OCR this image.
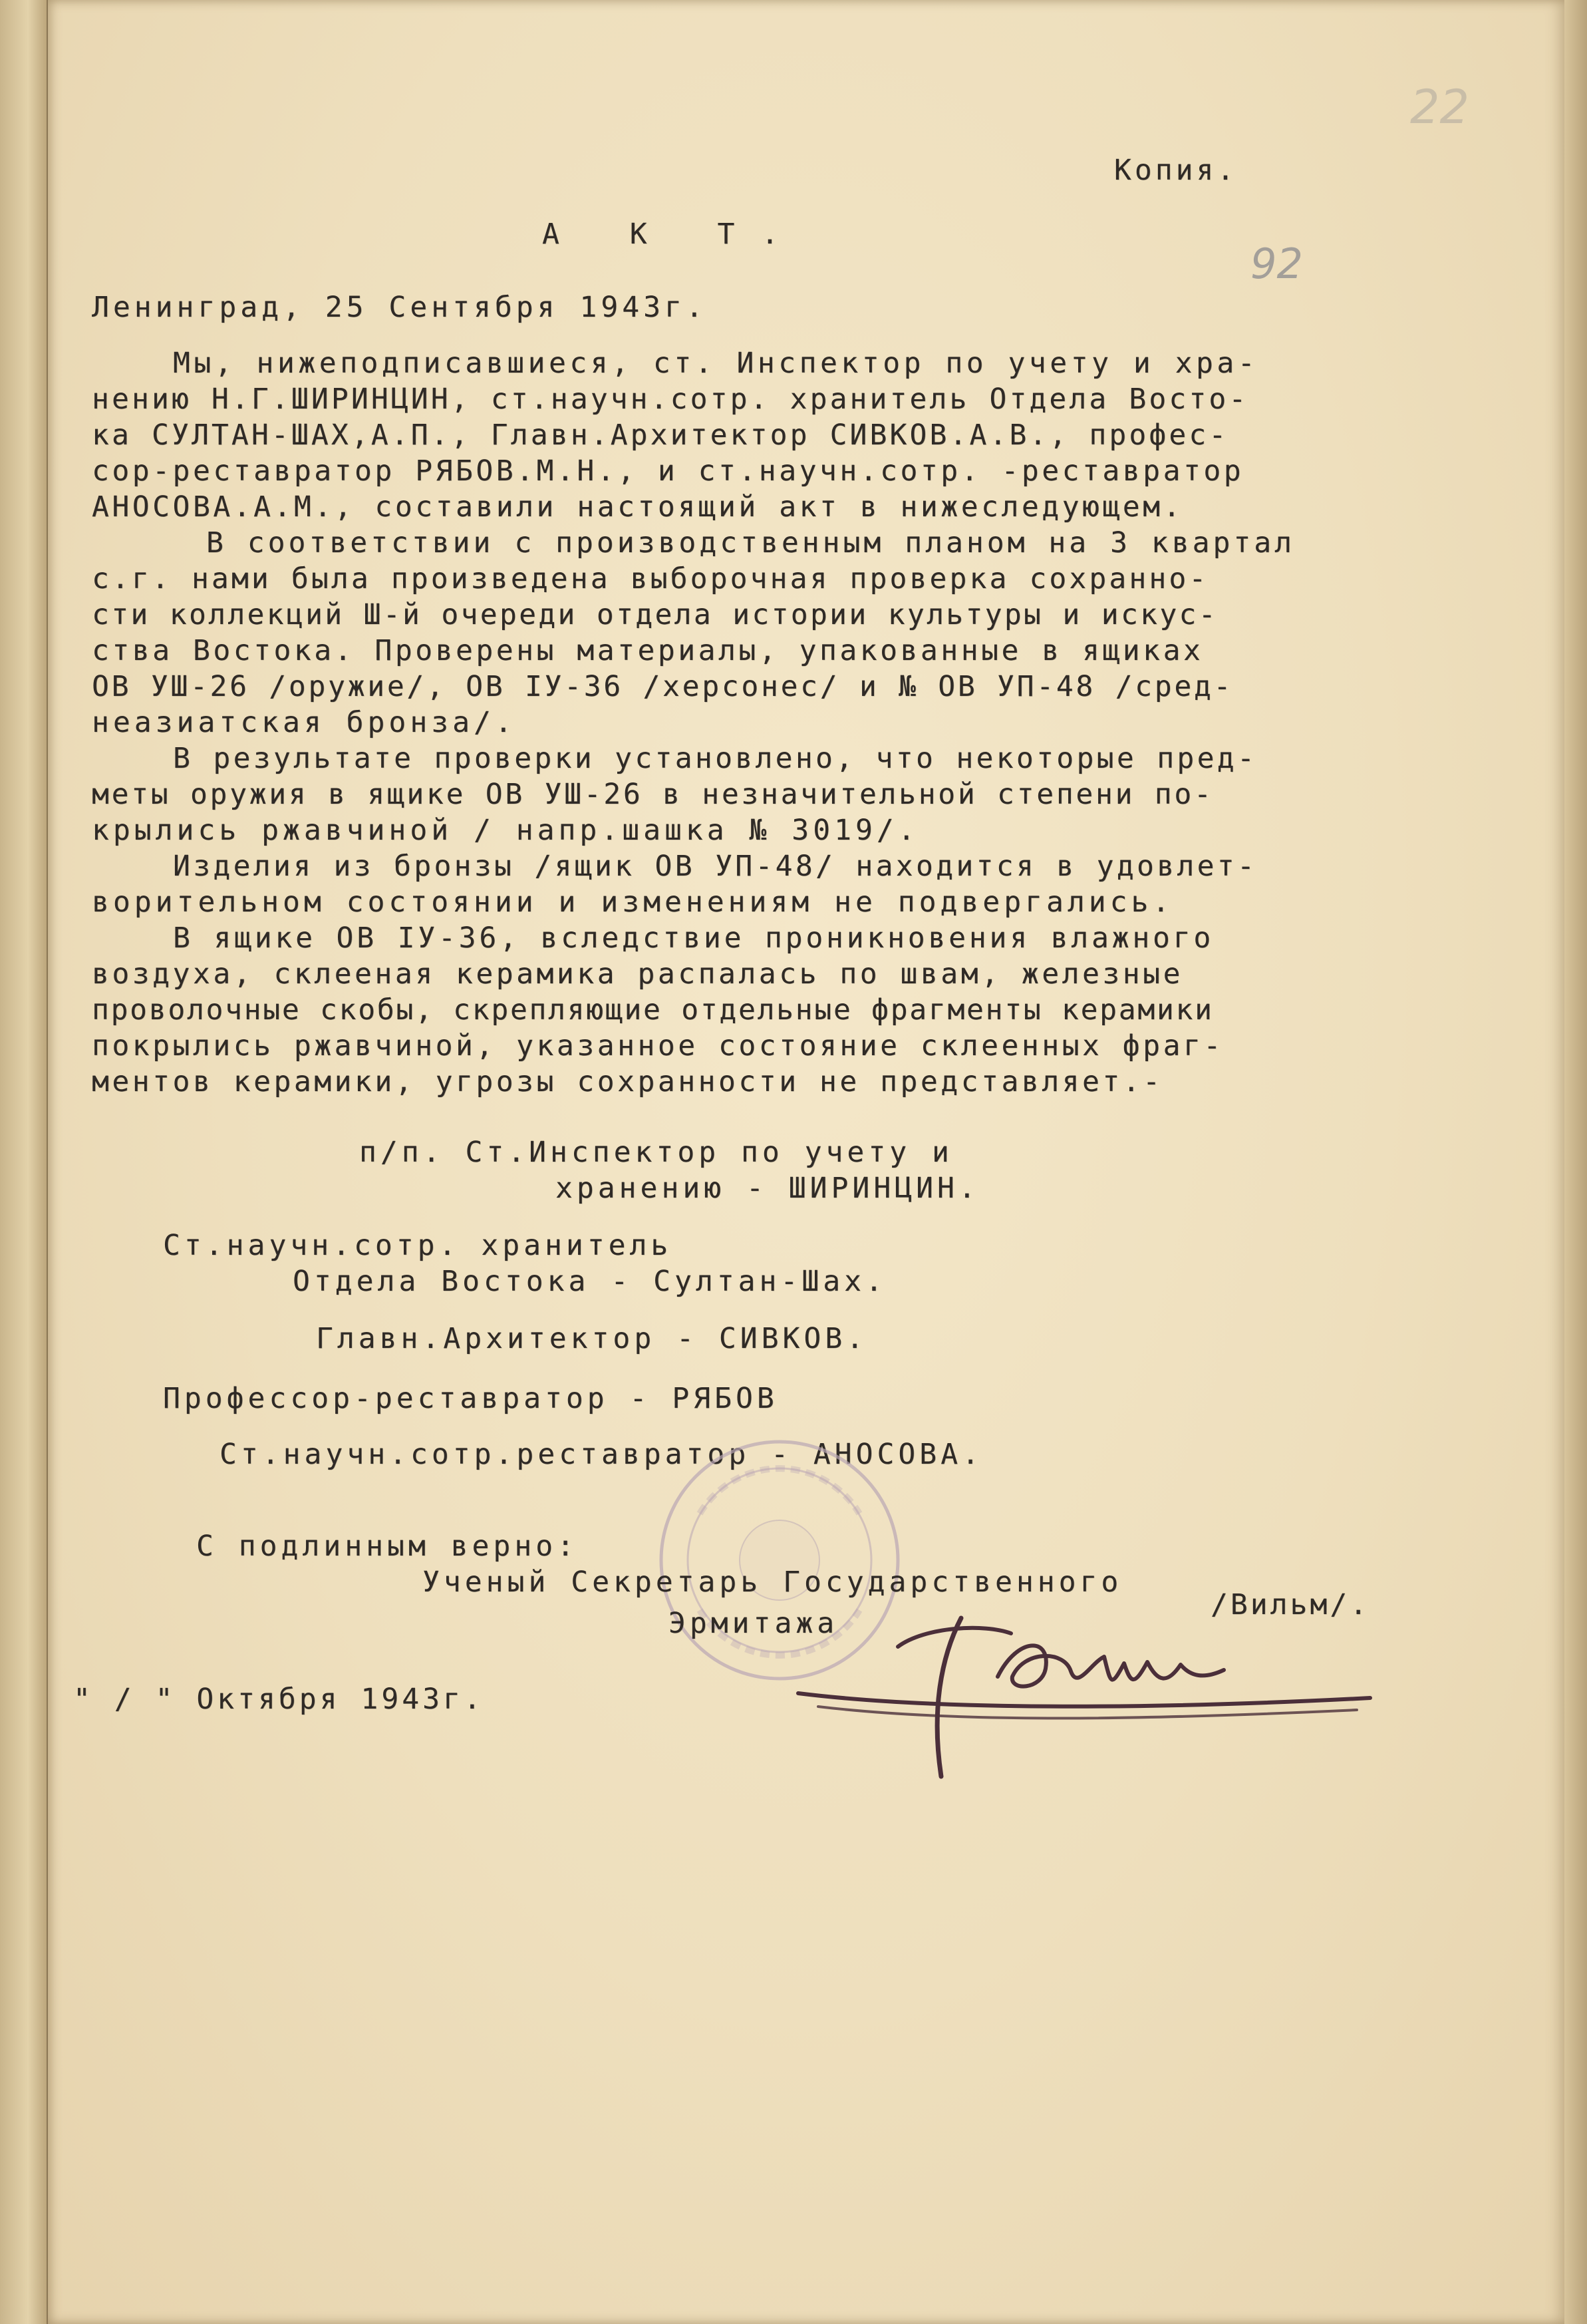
22
92
Копия.
А К Т.
Ленинград, 25 Сентября 1943г.
Мы, нижеподписавшиеся, ст. Инспектор по учету и хра-
нению Н.Г.ШИРИНЦИН, ст.научн.сотр. хранитель Отдела Восто-
ка СУЛТАН-ШАХ,А.П., Главн.Архитектор СИВКОВ.А.В., профес-
сор-реставратор РЯБОВ.М.Н., и ст.научн.сотр. -реставратор
АНОСОВА.А.М., составили настоящий акт в нижеследующем.
В соответствии с производственным планом на 3 квартал
с.г. нами была произведена выборочная проверка сохранно-
сти коллекций Ш-й очереди отдела истории культуры и искус-
ства Востока. Проверены материалы, упакованные в ящиках
ОВ УШ-26 /оружие/, ОВ IУ-36 /херсонес/ и № ОВ УП-48 /сред-
неазиатская бронза/.
В результате проверки установлено, что некоторые пред-
меты оружия в ящике ОВ УШ-26 в незначительной степени по-
крылись ржавчиной / напр.шашка № 3019/.
Изделия из бронзы /ящик ОВ УП-48/ находится в удовлет-
ворительном состоянии и изменениям не подвергались.
В ящике ОВ IУ-36, вследствие проникновения влажного
воздуха, склееная керамика распалась по швам, железные
проволочные скобы, скрепляющие отдельные фрагменты керамики
покрылись ржавчиной, указанное состояние склеенных фраг-
ментов керамики, угрозы сохранности не представляет.-
п/п. Ст.Инспектор по учету и
хранению - ШИРИНЦИН.
Ст.научн.сотр. хранитель
Отдела Востока - Султан-Шах.
Главн.Архитектор - СИВКОВ.
Профессор-реставратор - РЯБОВ
Ст.научн.сотр.реставратор - АНОСОВА.
С подлинным верно:
Ученый Секретарь Государственного
Эрмитажа
/Вильм/.
" / " Октября 1943г.
